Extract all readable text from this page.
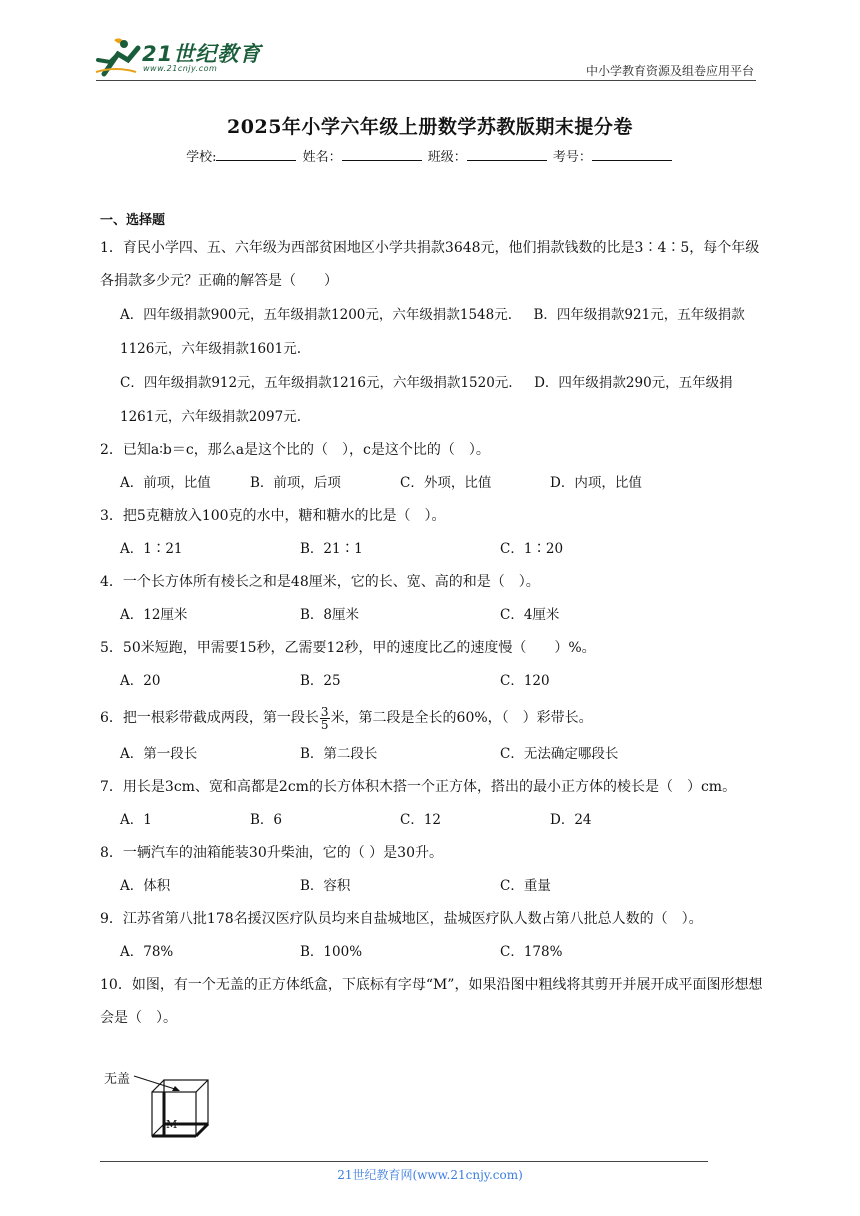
21世纪教育
www.21cnjy.com	中小学教育资源及组卷应用平台
2025年小学六年级上册数学苏教版期末提分卷
学校:	姓名：	班级：	考号：
一、选择题
1．育民小学四、五、六年级为西部贫困地区小学共捐款3648元，他们捐款钱数的比是3∶4∶5，每个年级各捐款多少元？正确的解答是（　　）
A．四年级捐款900元，五年级捐款1200元，六年级捐款1548元. B．四年级捐款921元，五年级捐款1126元，六年级捐款1601元.
C．四年级捐款912元，五年级捐款1216元，六年级捐款1520元. D．四年级捐款290元，五年级捐1261元，六年级捐款2097元.
2．已知a∶b＝c，那么a是这个比的（　），c是这个比的（　）。
A．前项，比值	B．前项，后项	C．外项，比值	D．内项，比值
3．把5克糖放入100克的水中，糖和糖水的比是（　）。
A．1∶21	B．21∶1	C．1∶20
4．一个长方体所有棱长之和是48厘米，它的长、宽、高的和是（　）。
A．12厘米	B．8厘米	C．4厘米
5．50米短跑，甲需要15秒，乙需要12秒，甲的速度比乙的速度慢（　　）%。
A．20	B．25	C．120
6．把一根彩带截成两段，第一段长 $\frac{3}{5}$ 米，第二段是全长的60%，（　）彩带长。
A．第一段长	B．第二段长	C．无法确定哪段长
7．用长是3cm、宽和高都是2cm的长方体积木搭一个正方体，搭出的最小正方体的棱长是（　）cm。
A．1	B．6	C．12	D．24
8．一辆汽车的油箱能装30升柴油，它的（ ）是30升。
A．体积	B．容积	C．重量
9．江苏省第八批178名援汉医疗队员均来自盐城地区，盐城医疗队人数占第八批总人数的（　）。
A．78%	B．100%	C．178%
10．如图，有一个无盖的正方体纸盒，下底标有字母“M”，如果沿图中粗线将其剪开并展开成平面图形想想会是（　）。
无盖
M
21世纪教育网(www.21cnjy.com)
